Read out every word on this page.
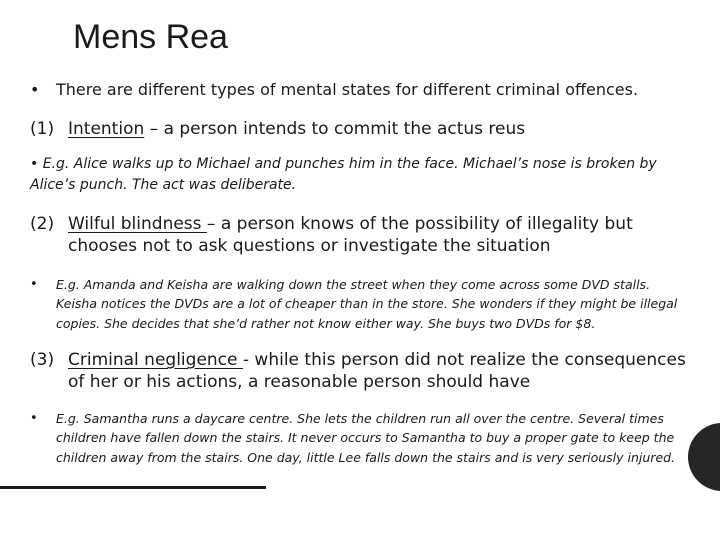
Mens Rea
•	There are different types of mental states for different criminal offences.
(1) Intention – a person intends to commit the actus reus
• E.g. Alice walks up to Michael and punches him in the face. Michael’s nose is broken by Alice’s punch. The act was deliberate.
(2) Wilful blindness – a person knows of the possibility of illegality but chooses not to ask questions or investigate the situation
•	E.g. Amanda and Keisha are walking down the street when they come across some DVD stalls. Keisha notices the DVDs are a lot of cheaper than in the store. She wonders if they might be illegal copies. She decides that she’d rather not know either way. She buys two DVDs for $8.
(3) Criminal negligence - while this person did not realize the consequences of her or his actions, a reasonable person should have
•	E.g. Samantha runs a daycare centre. She lets the children run all over the centre. Several times children have fallen down the stairs. It never occurs to Samantha to buy a proper gate to keep the children away from the stairs. One day, little Lee falls down the stairs and is very seriously injured.
